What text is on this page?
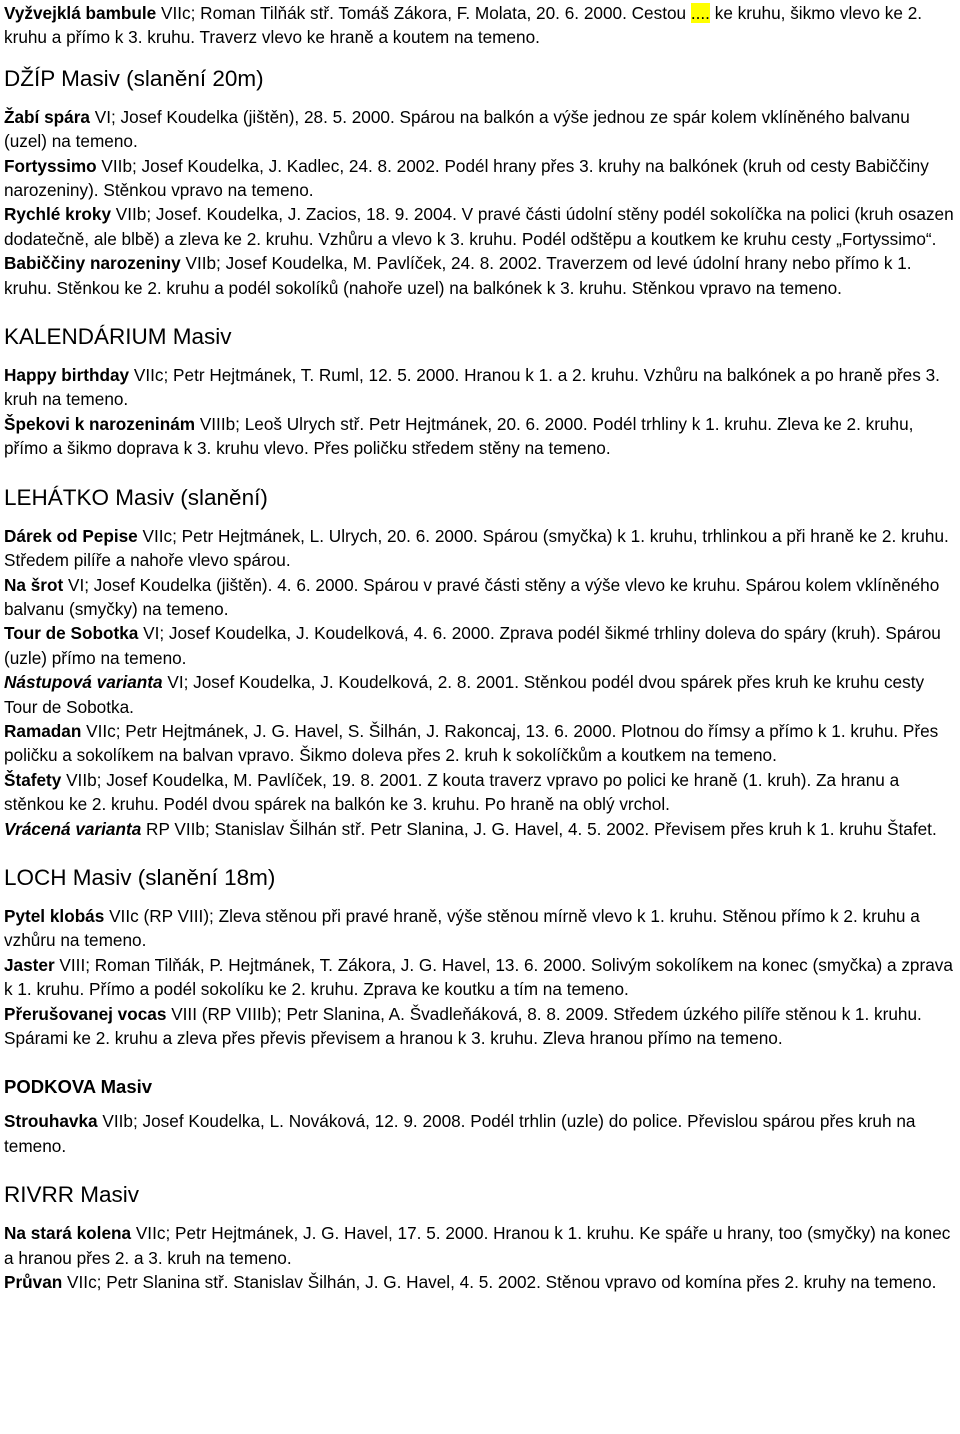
Vyžvejklá bambule VIIc; Roman Tilňák stř. Tomáš Zákora, F. Molata, 20. 6. 2000. Cestou .... ke kruhu, šikmo vlevo ke 2. kruhu a přímo k 3. kruhu. Traverz vlevo ke hraně a koutem na temeno.

DŽÍP Masiv (slanění 20m)

Žabí spára VI; Josef Koudelka (jištěn), 28. 5. 2000. Spárou na balkón a výše jednou ze spár kolem vklíněného balvanu (uzel) na temeno.

Fortyssimo VIIb; Josef Koudelka, J. Kadlec, 24. 8. 2002. Podél hrany přes 3. kruhy na balkónek (kruh od cesty Babiččiny narozeniny). Stěnkou vpravo na temeno.

Rychlé kroky VIIb; Josef. Koudelka, J. Zacios, 18. 9. 2004. V pravé části údolní stěny podél sokolíčka na polici (kruh osazen dodatečně, ale blbě) a zleva ke 2. kruhu. Vzhůru a vlevo k 3. kruhu. Podél odštěpu a koutkem ke kruhu cesty „Fortyssimo“.

Babiččiny narozeniny VIIb; Josef Koudelka, M. Pavlíček, 24. 8. 2002. Traverzem od levé údolní hrany nebo přímo k 1. kruhu. Stěnkou ke 2. kruhu a podél sokolíků (nahoře uzel) na balkónek k 3. kruhu. Stěnkou vpravo na temeno.

KALENDÁRIUM Masiv

Happy birthday VIIc; Petr Hejtmánek, T. Ruml, 12. 5. 2000. Hranou k 1. a 2. kruhu. Vzhůru na balkónek a po hraně přes 3. kruh na temeno.

Špekovi k narozeninám VIIIb; Leoš Ulrych stř. Petr Hejtmánek, 20. 6. 2000. Podél trhliny k 1. kruhu. Zleva ke 2. kruhu, přímo a šikmo doprava k 3. kruhu vlevo. Přes poličku středem stěny na temeno.

LEHÁTKO Masiv (slanění)

Dárek od Pepise VIIc; Petr Hejtmánek, L. Ulrych, 20. 6. 2000. Spárou (smyčka) k 1. kruhu, trhlinkou a při hraně ke 2. kruhu. Středem pilíře a nahoře vlevo spárou.

Na šrot VI; Josef Koudelka (jištěn). 4. 6. 2000. Spárou v pravé části stěny a výše vlevo ke kruhu. Spárou kolem vklíněného balvanu (smyčky) na temeno.

Tour de Sobotka VI; Josef Koudelka, J. Koudelková, 4. 6. 2000. Zprava podél šikmé trhliny doleva do spáry (kruh). Spárou (uzle) přímo na temeno.

Nástupová varianta VI; Josef Koudelka, J. Koudelková, 2. 8. 2001. Stěnkou podél dvou spárek přes kruh ke kruhu cesty Tour de Sobotka.

Ramadan VIIc; Petr Hejtmánek, J. G. Havel, S. Šilhán, J. Rakoncaj, 13. 6. 2000. Plotnou do římsy a přímo k 1. kruhu. Přes poličku a sokolíkem na balvan vpravo. Šikmo doleva přes 2. kruh k sokolíčkům a koutkem na temeno.

Štafety VIIb; Josef Koudelka, M. Pavlíček, 19. 8. 2001. Z kouta traverz vpravo po polici ke hraně (1. kruh). Za hranu a stěnkou ke 2. kruhu. Podél dvou spárek na balkón ke 3. kruhu. Po hraně na oblý vrchol.

Vrácená varianta RP VIIb; Stanislav Šilhán stř. Petr Slanina, J. G. Havel, 4. 5. 2002. Převisem přes kruh k 1. kruhu Štafet.

LOCH Masiv (slanění 18m)

Pytel klobás VIIc (RP VIII); Zleva stěnou při pravé hraně, výše stěnou mírně vlevo k 1. kruhu. Stěnou přímo k 2. kruhu a vzhůru na temeno.

Jaster VIII; Roman Tilňák, P. Hejtmánek, T. Zákora, J. G. Havel, 13. 6. 2000. Solivým sokolíkem na konec (smyčka) a zprava k 1. kruhu. Přímo a podél sokolíku ke 2. kruhu. Zprava ke koutku a tím na temeno.

Přerušovanej vocas VIII (RP VIIIb); Petr Slanina, A. Švadleňáková, 8. 8. 2009. Středem úzkého pilíře stěnou k 1. kruhu. Spárami ke 2. kruhu a zleva přes převis převisem a hranou k 3. kruhu. Zleva hranou přímo na temeno.

PODKOVA Masiv

Strouhavka VIIb; Josef Koudelka, L. Nováková, 12. 9. 2008. Podél trhlin (uzle) do police. Převislou spárou přes kruh na temeno.

RIVRR Masiv

Na stará kolena VIIc; Petr Hejtmánek, J. G. Havel, 17. 5. 2000. Hranou k 1. kruhu. Ke spáře u hrany, too (smyčky) na konec a hranou přes 2. a 3. kruh na temeno.

Průvan VIIc; Petr Slanina stř. Stanislav Šilhán, J. G. Havel, 4. 5. 2002. Stěnou vpravo od komína přes 2. kruhy na temeno.
